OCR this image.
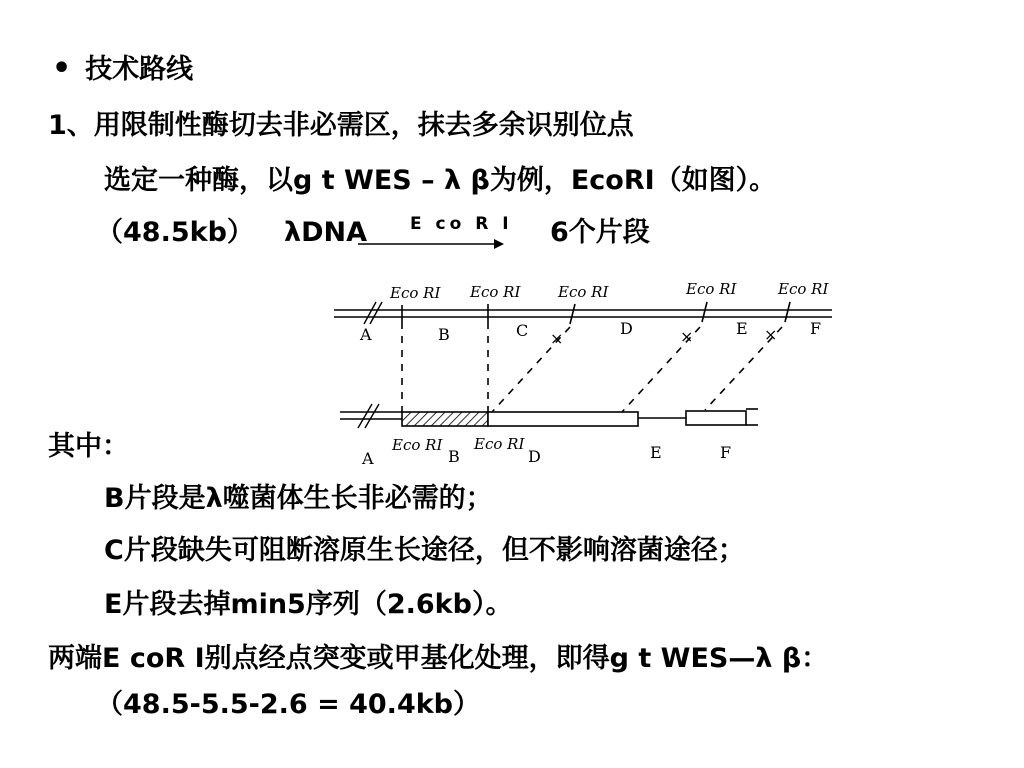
• 技术路线
1、用限制性酶切去非必需区，抹去多余识别位点
选定一种酶，以g t WES – λ β为例，EcoRI（如图）。
（48.5kb） λDNA	E co R I 6个片段
Eco RI Eco RI	Eco RI	Eco RI	Eco RI
A	B	C	D	E	F
×	×	×
Eco RI Eco RI
A	B	D	E	F
其中：
B片段是λ噬菌体生长非必需的；
C片段缺失可阻断溶原生长途径，但不影响溶菌途径；
E片段去掉min5序列（2.6kb）。
两端E coR I别点经点突变或甲基化处理，即得g t WES—λ β：
（48.5-5.5-2.6 = 40.4kb）
